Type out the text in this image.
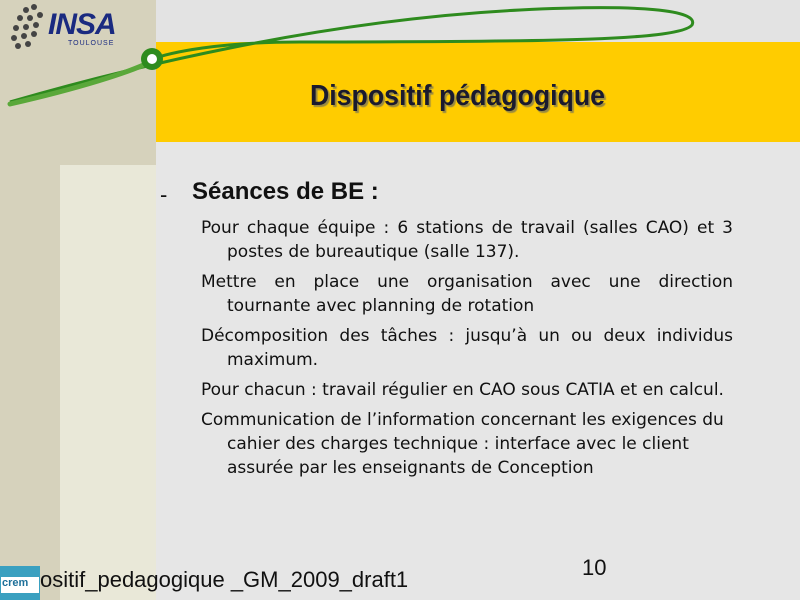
INSA
TOULOUSE
Dispositif pédagogique
- Séances de BE :

Pour chaque équipe : 6 stations de travail (salles CAO) et 3 postes de bureautique (salle 137).

Mettre en place une organisation avec une direction tournante avec planning de rotation

Décomposition des tâches : jusqu’à un ou deux individus maximum.

Pour chacun : travail régulier en CAO sous CATIA et en calcul.

Communication de l’information concernant les exigences du cahier des charges technique : interface avec le client assurée par les enseignants de Conception

crem ositif_pedagogique _GM_2009_draft1	10
